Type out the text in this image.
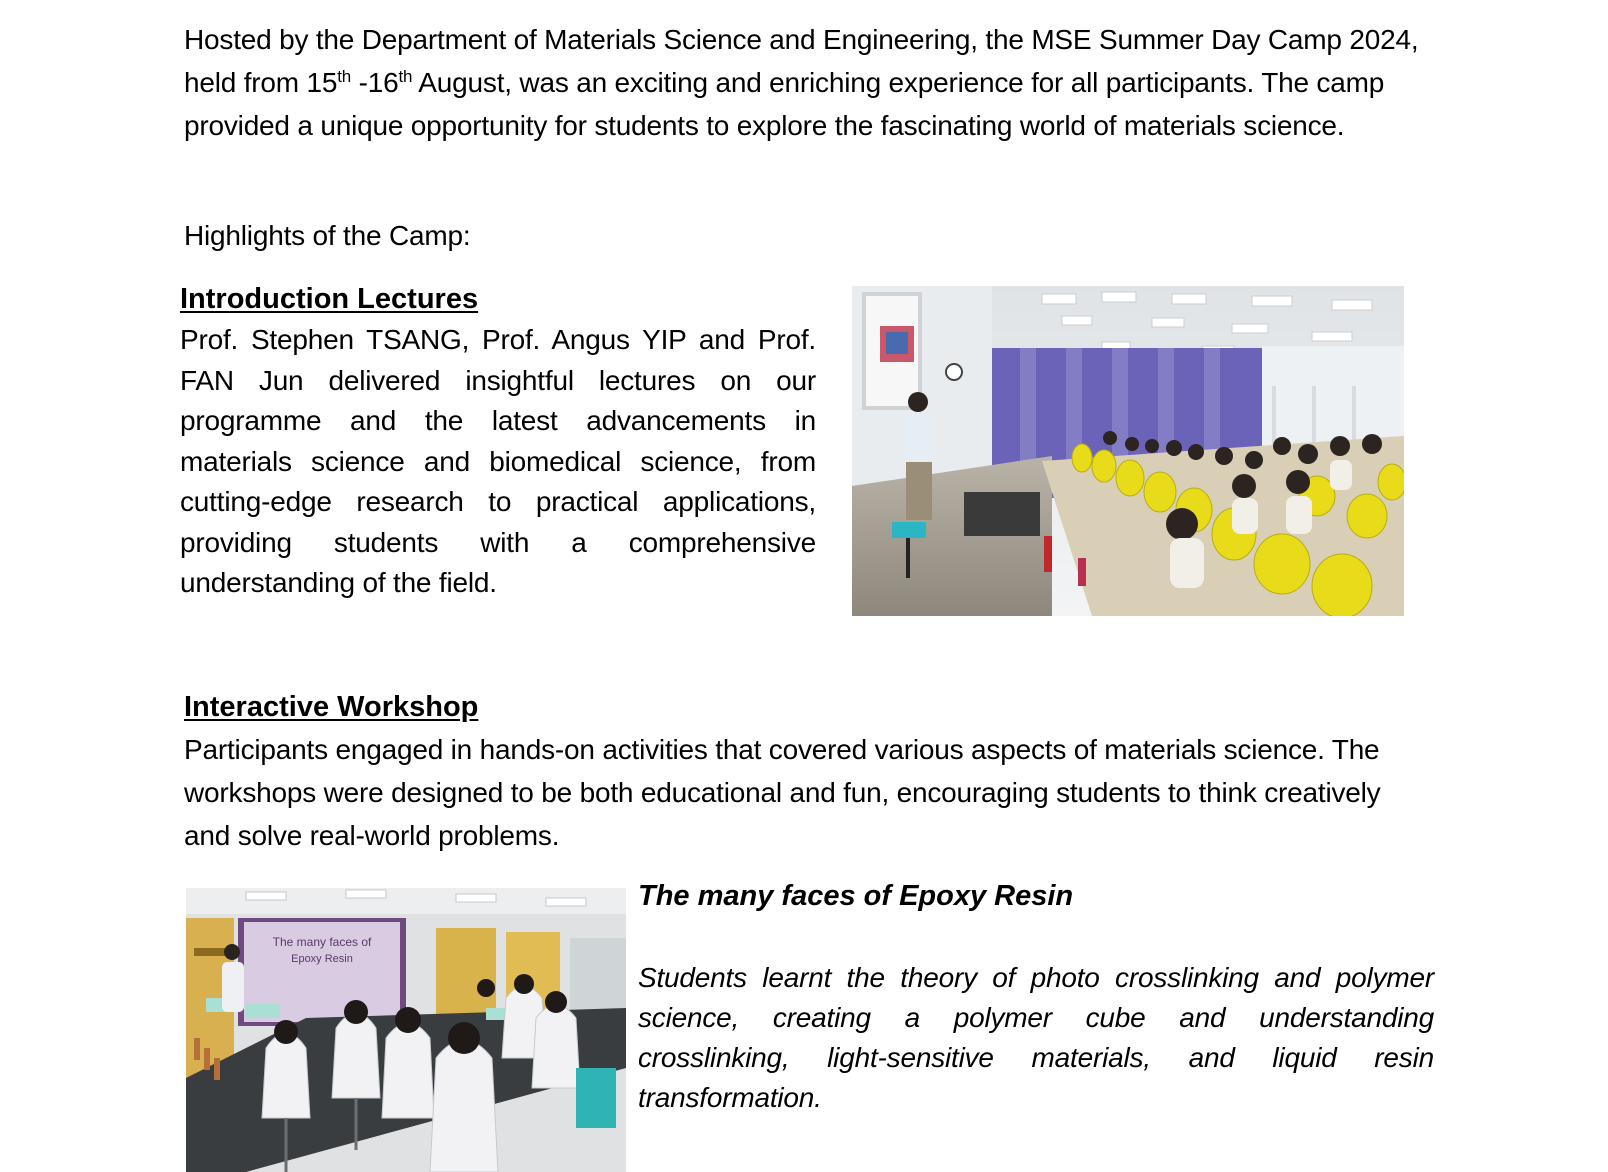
Hosted by the Department of Materials Science and Engineering, the MSE Summer Day Camp 2024, held from 15th -16th August, was an exciting and enriching experience for all participants. The camp provided a unique opportunity for students to explore the fascinating world of materials science.
Highlights of the Camp:
Introduction Lectures
Prof. Stephen TSANG, Prof. Angus YIP and Prof. FAN Jun delivered insightful lectures on our programme and the latest advancements in materials science and biomedical science, from cutting-edge research to practical applications, providing students with a comprehensive understanding of the field.
Interactive Workshop
Participants engaged in hands-on activities that covered various aspects of materials science. The workshops were designed to be both educational and fun, encouraging students to think creatively and solve real-world problems.
The many faces of
Epoxy Resin
The many faces of Epoxy Resin
Students learnt the theory of photo crosslinking and polymer science, creating a polymer cube and understanding crosslinking, light-sensitive materials, and liquid resin transformation.
